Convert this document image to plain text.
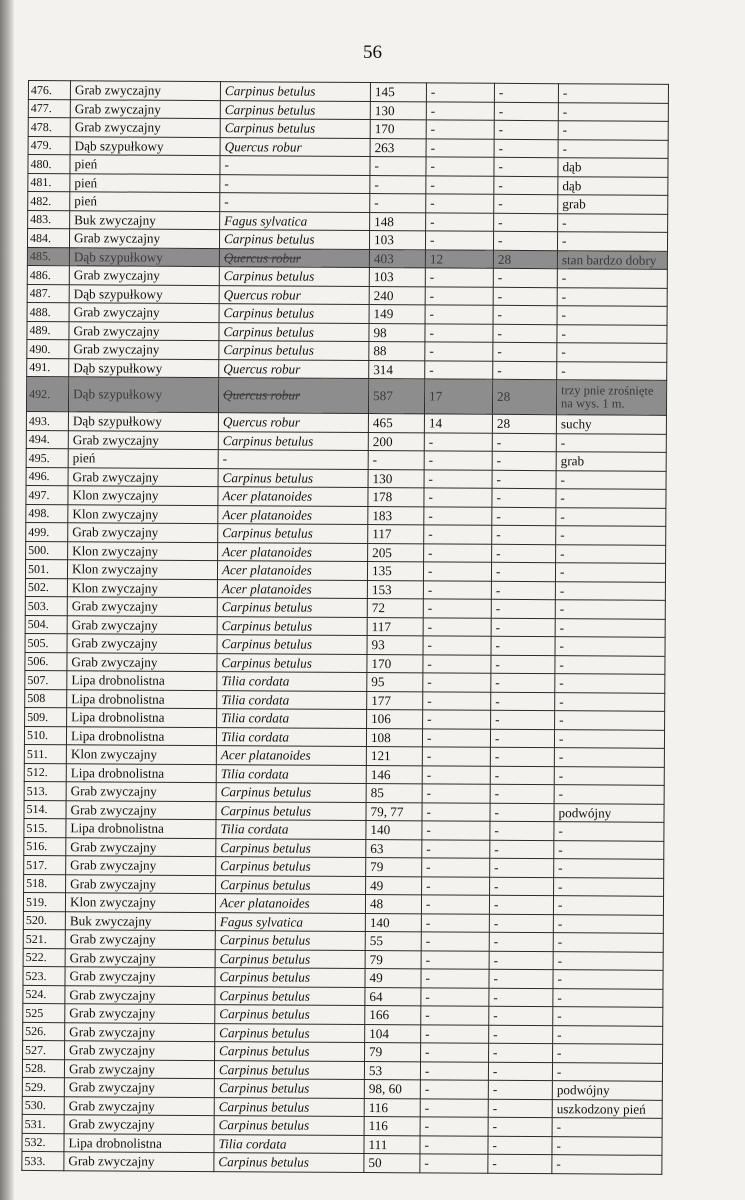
56
476.	Grab zwyczajny	Carpinus betulus	145	-	-	-
477.	Grab zwyczajny	Carpinus betulus	130	-	-	-
478.	Grab zwyczajny	Carpinus betulus	170	-	-	-
479.	Dąb szypułkowy	Quercus robur	263	-	-	-
480.	pień	-	-	-	-	dąb
481.	pień	-	-	-	-	dąb
482.	pień	-	-	-	-	grab
483.	Buk zwyczajny	Fagus sylvatica	148	-	-	-
484.	Grab zwyczajny	Carpinus betulus	103	-	-	-
485.	Dąb szypułkowy	Quercus robur	403	12	28	stan bardzo dobry
486.	Grab zwyczajny	Carpinus betulus	103	-	-	-
487.	Dąb szypułkowy	Quercus robur	240	-	-	-
488.	Grab zwyczajny	Carpinus betulus	149	-	-	-
489.	Grab zwyczajny	Carpinus betulus	98	-	-	-
490.	Grab zwyczajny	Carpinus betulus	88	-	-	-
491.	Dąb szypułkowy	Quercus robur	314	-	-	-
492.	Dąb szypułkowy	Quercus robur	587	17	28	trzy pnie zrośnięte na wys. 1 m.
493.	Dąb szypułkowy	Quercus robur	465	14	28	suchy
494.	Grab zwyczajny	Carpinus betulus	200	-	-	-
495.	pień	-	-	-	-	grab
496.	Grab zwyczajny	Carpinus betulus	130	-	-	-
497.	Klon zwyczajny	Acer platanoides	178	-	-	-
498.	Klon zwyczajny	Acer platanoides	183	-	-	-
499.	Grab zwyczajny	Carpinus betulus	117	-	-	-
500.	Klon zwyczajny	Acer platanoides	205	-	-	-
501.	Klon zwyczajny	Acer platanoides	135	-	-	-
502.	Klon zwyczajny	Acer platanoides	153	-	-	-
503.	Grab zwyczajny	Carpinus betulus	72	-	-	-
504.	Grab zwyczajny	Carpinus betulus	117	-	-	-
505.	Grab zwyczajny	Carpinus betulus	93	-	-	-
506.	Grab zwyczajny	Carpinus betulus	170	-	-	-
507.	Lipa drobnolistna	Tilia cordata	95	-	-	-
508	Lipa drobnolistna	Tilia cordata	177	-	-	-
509.	Lipa drobnolistna	Tilia cordata	106	-	-	-
510.	Lipa drobnolistna	Tilia cordata	108	-	-	-
511.	Klon zwyczajny	Acer platanoides	121	-	-	-
512.	Lipa drobnolistna	Tilia cordata	146	-	-	-
513.	Grab zwyczajny	Carpinus betulus	85	-	-	-
514.	Grab zwyczajny	Carpinus betulus	79, 77	-	-	podwójny
515.	Lipa drobnolistna	Tilia cordata	140	-	-	-
516.	Grab zwyczajny	Carpinus betulus	63	-	-	-
517.	Grab zwyczajny	Carpinus betulus	79	-	-	-
518.	Grab zwyczajny	Carpinus betulus	49	-	-	-
519.	Klon zwyczajny	Acer platanoides	48	-	-	-
520.	Buk zwyczajny	Fagus sylvatica	140	-	-	-
521.	Grab zwyczajny	Carpinus betulus	55	-	-	-
522.	Grab zwyczajny	Carpinus betulus	79	-	-	-
523.	Grab zwyczajny	Carpinus betulus	49	-	-	-
524.	Grab zwyczajny	Carpinus betulus	64	-	-	-
525	Grab zwyczajny	Carpinus betulus	166	-	-	-
526.	Grab zwyczajny	Carpinus betulus	104	-	-	-
527.	Grab zwyczajny	Carpinus betulus	79	-	-	-
528.	Grab zwyczajny	Carpinus betulus	53	-	-	-
529.	Grab zwyczajny	Carpinus betulus	98, 60	-	-	podwójny
530.	Grab zwyczajny	Carpinus betulus	116	-	-	uszkodzony pień
531.	Grab zwyczajny	Carpinus betulus	116	-	-	-
532.	Lipa drobnolistna	Tilia cordata	111	-	-	-
533.	Grab zwyczajny	Carpinus betulus	50	-	-	-
